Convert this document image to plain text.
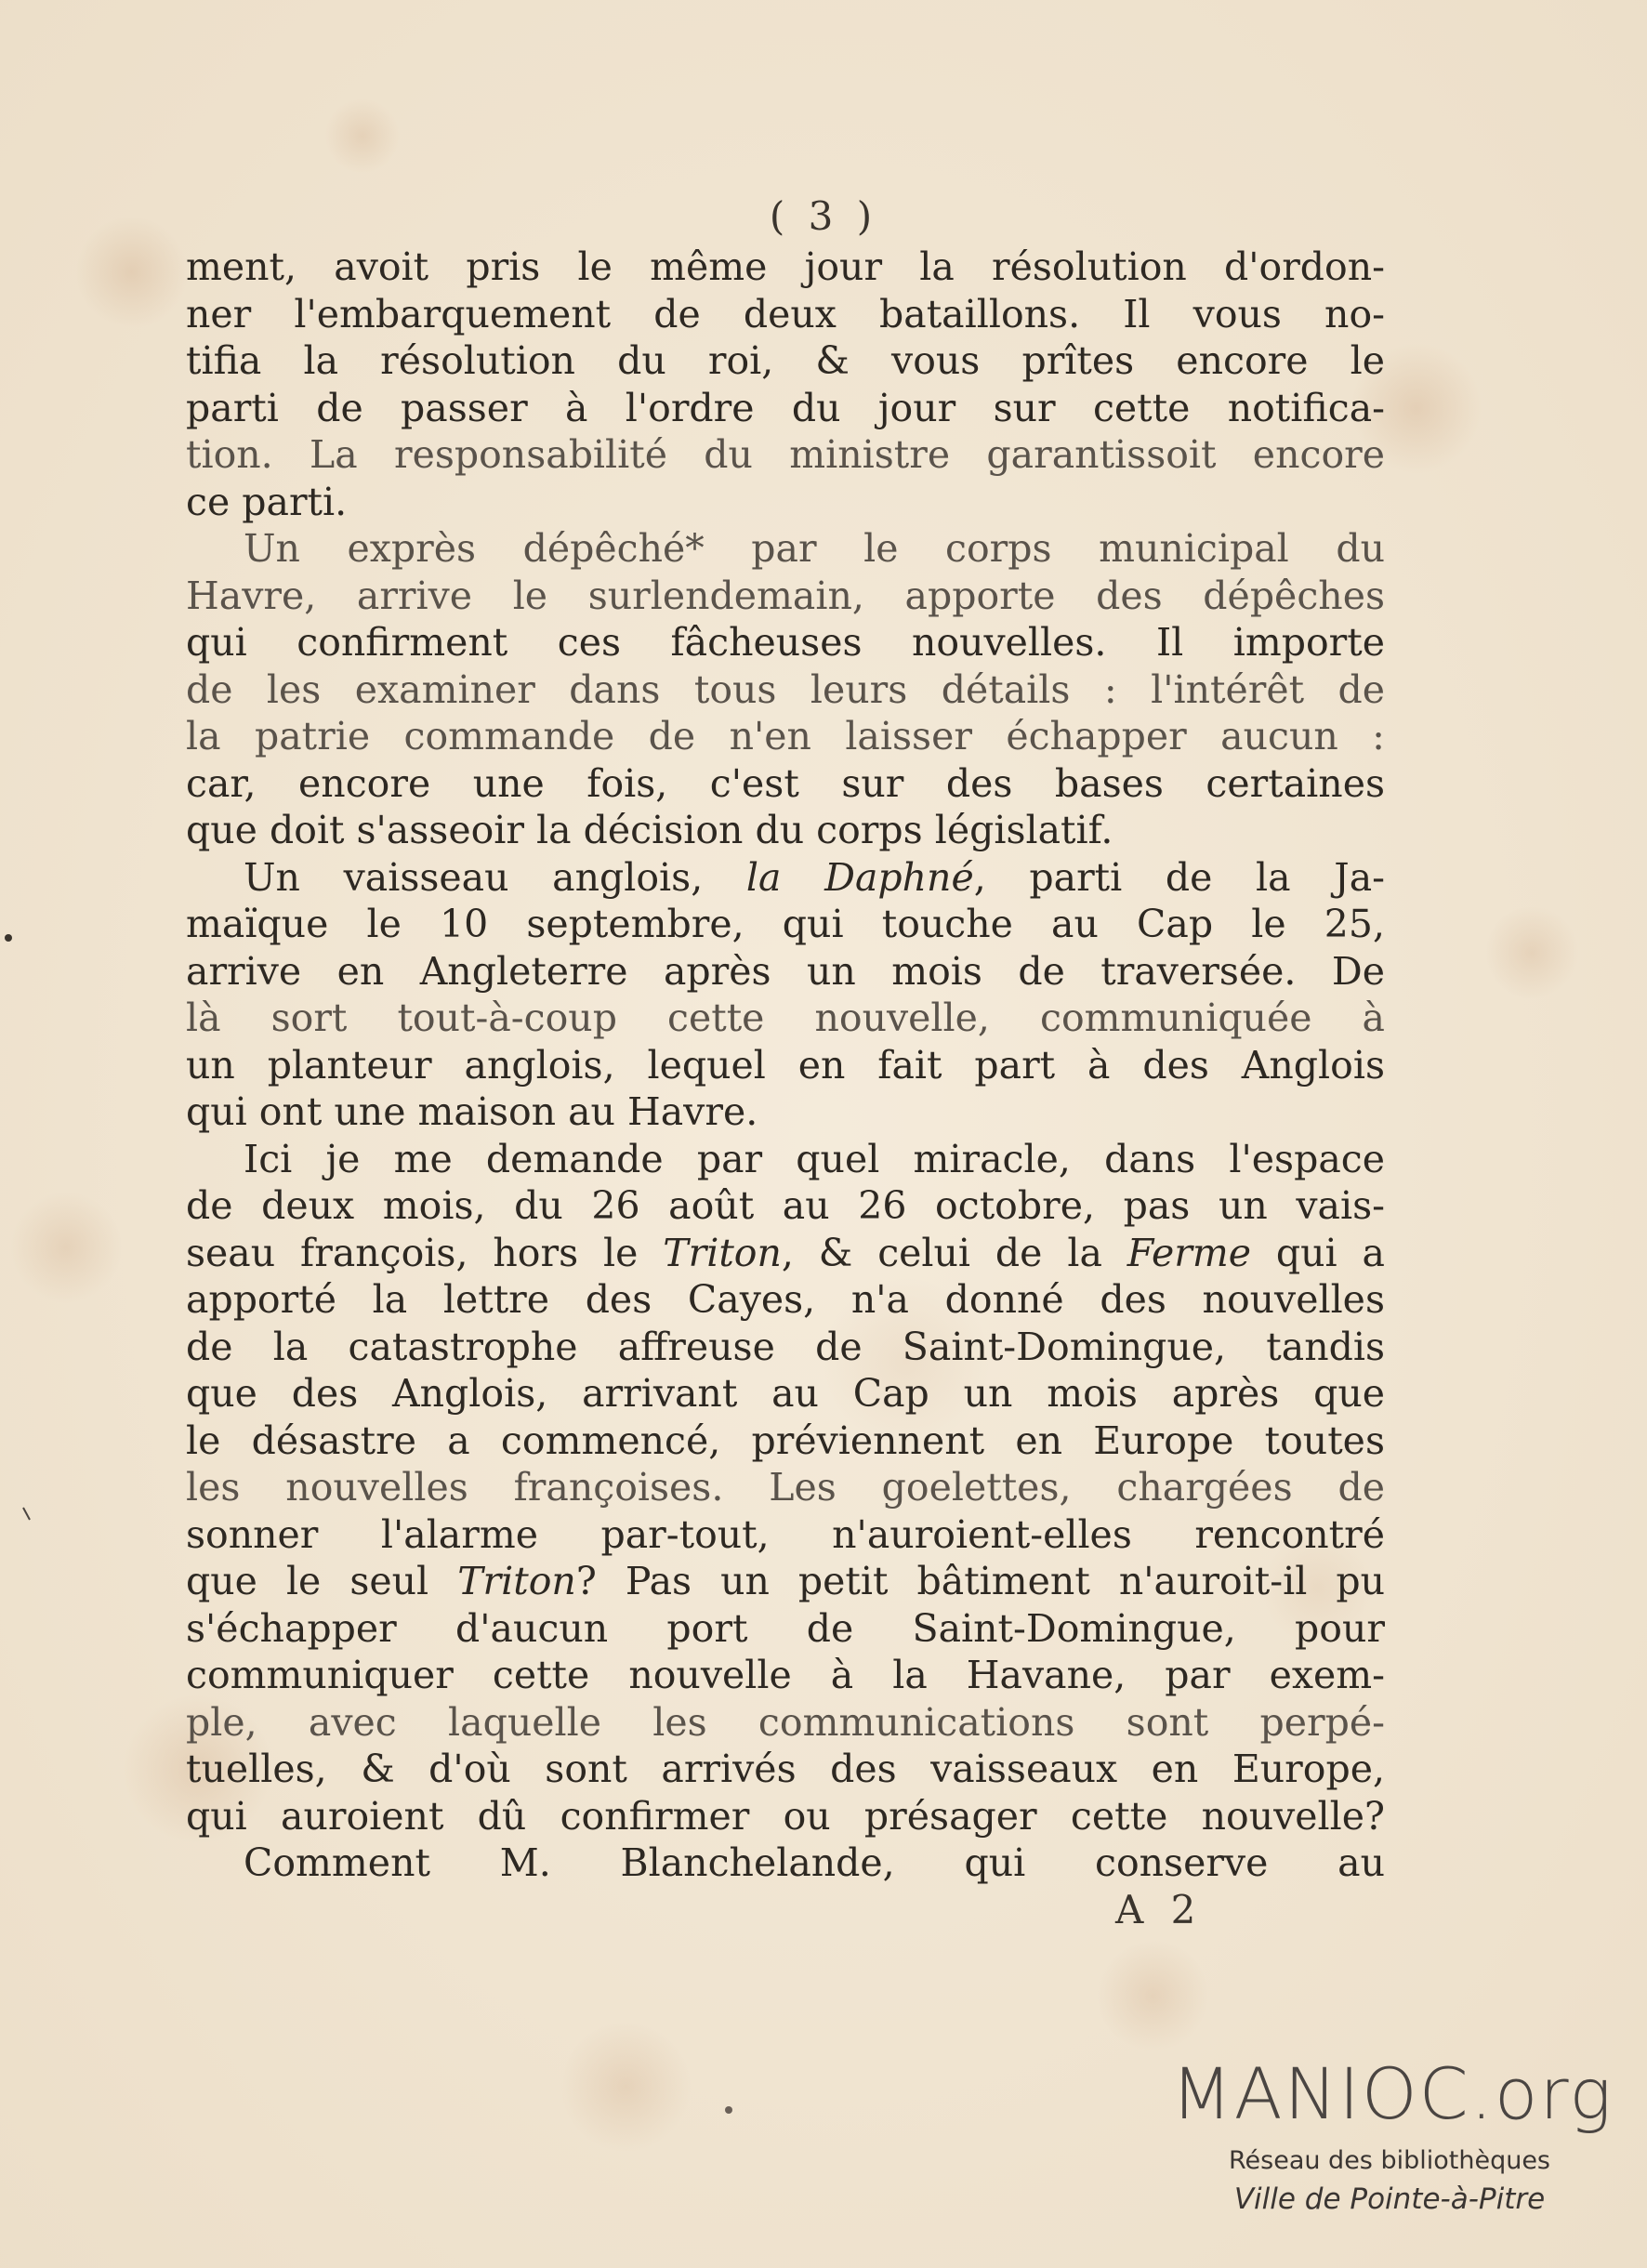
( 3 )
ment, avoit pris le même jour la résolution d'ordon-
ner l'embarquement de deux bataillons. Il vous no-
tifia la résolution du roi, & vous prîtes encore le
parti de passer à l'ordre du jour sur cette notifica-
tion. La responsabilité du ministre garantissoit encore
ce parti.
Un exprès dépêché* par le corps municipal du
Havre, arrive le surlendemain, apporte des dépêches
qui confirment ces fâcheuses nouvelles. Il importe
de les examiner dans tous leurs détails : l'intérêt de
la patrie commande de n'en laisser échapper aucun :
car, encore une fois, c'est sur des bases certaines
que doit s'asseoir la décision du corps législatif.
Un vaisseau anglois, la Daphné, parti de la Ja-
maïque le 10 septembre, qui touche au Cap le 25,
arrive en Angleterre après un mois de traversée. De
là sort tout-à-coup cette nouvelle, communiquée à
un planteur anglois, lequel en fait part à des Anglois
qui ont une maison au Havre.
Ici je me demande par quel miracle, dans l'espace
de deux mois, du 26 août au 26 octobre, pas un vais-
seau françois, hors le Triton, & celui de la Ferme qui a
apporté la lettre des Cayes, n'a donné des nouvelles
de la catastrophe affreuse de Saint-Domingue, tandis
que des Anglois, arrivant au Cap un mois après que
le désastre a commencé, préviennent en Europe toutes
les nouvelles françoises. Les goelettes, chargées de
sonner l'alarme par-tout, n'auroient-elles rencontré
que le seul Triton? Pas un petit bâtiment n'auroit-il pu
s'échapper d'aucun port de Saint-Domingue, pour
communiquer cette nouvelle à la Havane, par exem-
ple, avec laquelle les communications sont perpé-
tuelles, & d'où sont arrivés des vaisseaux en Europe,
qui auroient dû confirmer ou présager cette nouvelle?
Comment M. Blanchelande, qui conserve au
A 2
MANIOC.org
Réseau des bibliothèques
Ville de Pointe-à-Pitre
